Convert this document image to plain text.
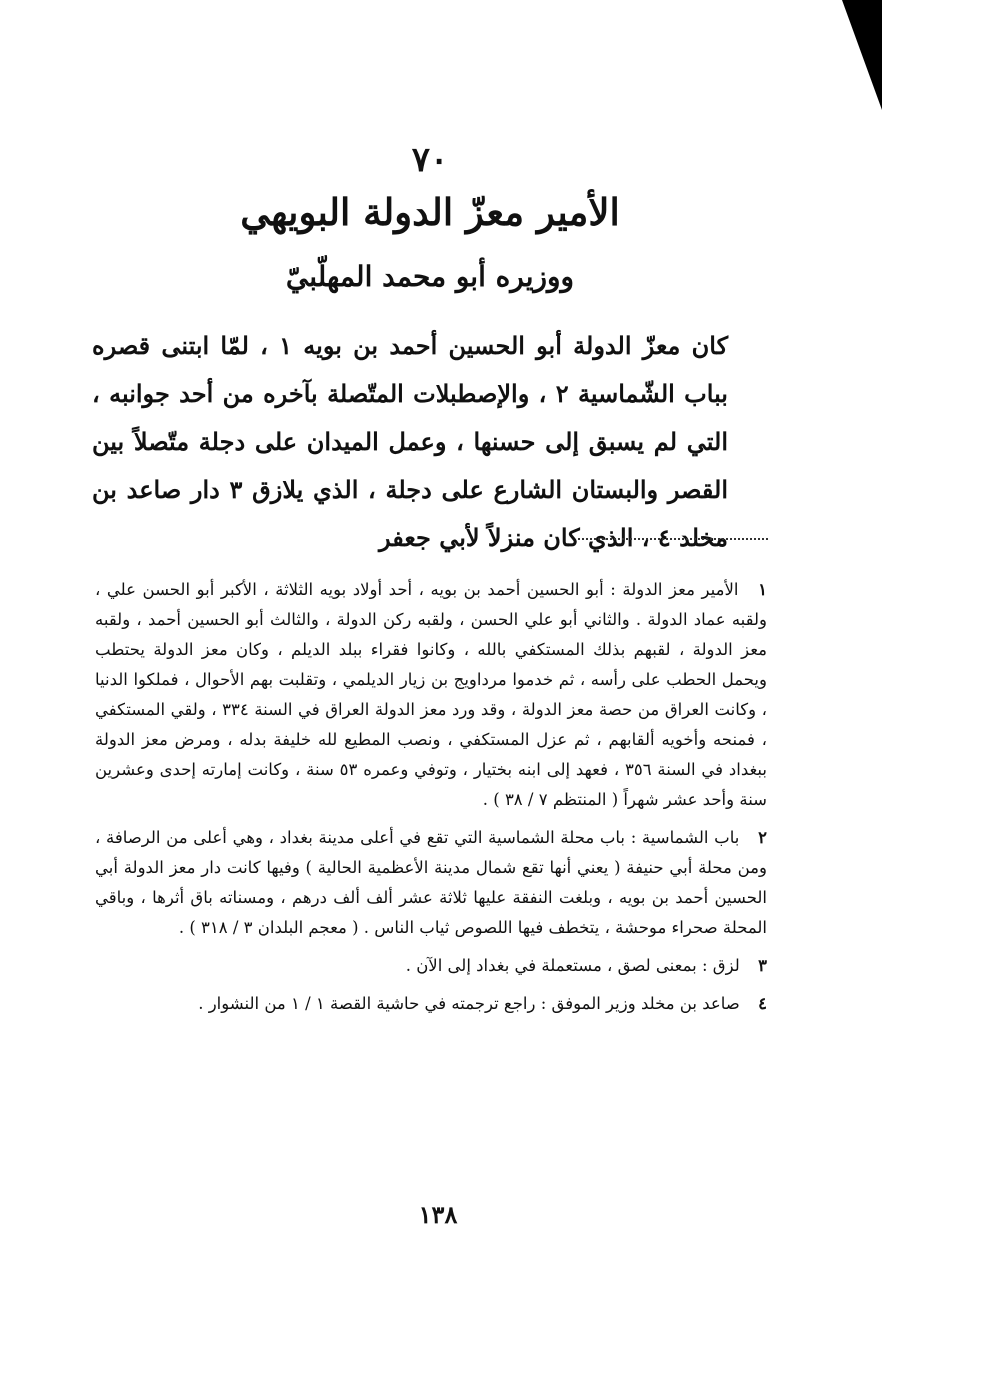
٧٠
الأمير معزّ الدولة البويهي
ووزيره أبو محمد المهلّبيّ
كان معزّ الدولة أبو الحسين أحمد بن بويه ١ ، لمّا ابتنى قصره بباب الشّماسية ٢ ، والإصطبلات المتّصلة بآخره من أحد جوانبه ، التي لم يسبق إلى حسنها ، وعمل الميدان على دجلة متّصلاً بين القصر والبستان الشارع على دجلة ، الذي يلازق ٣ دار صاعد بن مخلد ٤ ، الذي كان منزلاً لأبي جعفر

١ الأمير معز الدولة : أبو الحسين أحمد بن بويه ، أحد أولاد بويه الثلاثة ، الأكبر أبو الحسن علي ، ولقبه عماد الدولة . والثاني أبو علي الحسن ، ولقبه ركن الدولة ، والثالث أبو الحسين أحمد ، ولقبه معز الدولة ، لقبهم بذلك المستكفي بالله ، وكانوا فقراء ببلد الديلم ، وكان معز الدولة يحتطب ويحمل الحطب على رأسه ، ثم خدموا مرداويج بن زيار الديلمي ، وتقلبت بهم الأحوال ، فملكوا الدنيا ، وكانت العراق من حصة معز الدولة ، وقد ورد معز الدولة العراق في السنة ٣٣٤ ، ولقي المستكفي ، فمنحه وأخويه ألقابهم ، ثم عزل المستكفي ، ونصب المطيع لله خليفة بدله ، ومرض معز الدولة ببغداد في السنة ٣٥٦ ، فعهد إلى ابنه بختيار ، وتوفي وعمره ٥٣ سنة ، وكانت إمارته إحدى وعشرين سنة وأحد عشر شهراً ( المنتظم ٧ / ٣٨ ) .

٢ باب الشماسية : باب محلة الشماسية التي تقع في أعلى مدينة بغداد ، وهي أعلى من الرصافة ، ومن محلة أبي حنيفة ( يعني أنها تقع شمال مدينة الأعظمية الحالية ) وفيها كانت دار معز الدولة أبي الحسين أحمد بن بويه ، وبلغت النفقة عليها ثلاثة عشر ألف ألف درهم ، ومسناته باق أثرها ، وباقي المحلة صحراء موحشة ، يتخطف فيها اللصوص ثياب الناس . ( معجم البلدان ٣ / ٣١٨ ) .

٣ لزق : بمعنى لصق ، مستعملة في بغداد إلى الآن .

٤ صاعد بن مخلد وزير الموفق : راجع ترجمته في حاشية القصة ١ / ١ من النشوار .

١٣٨
